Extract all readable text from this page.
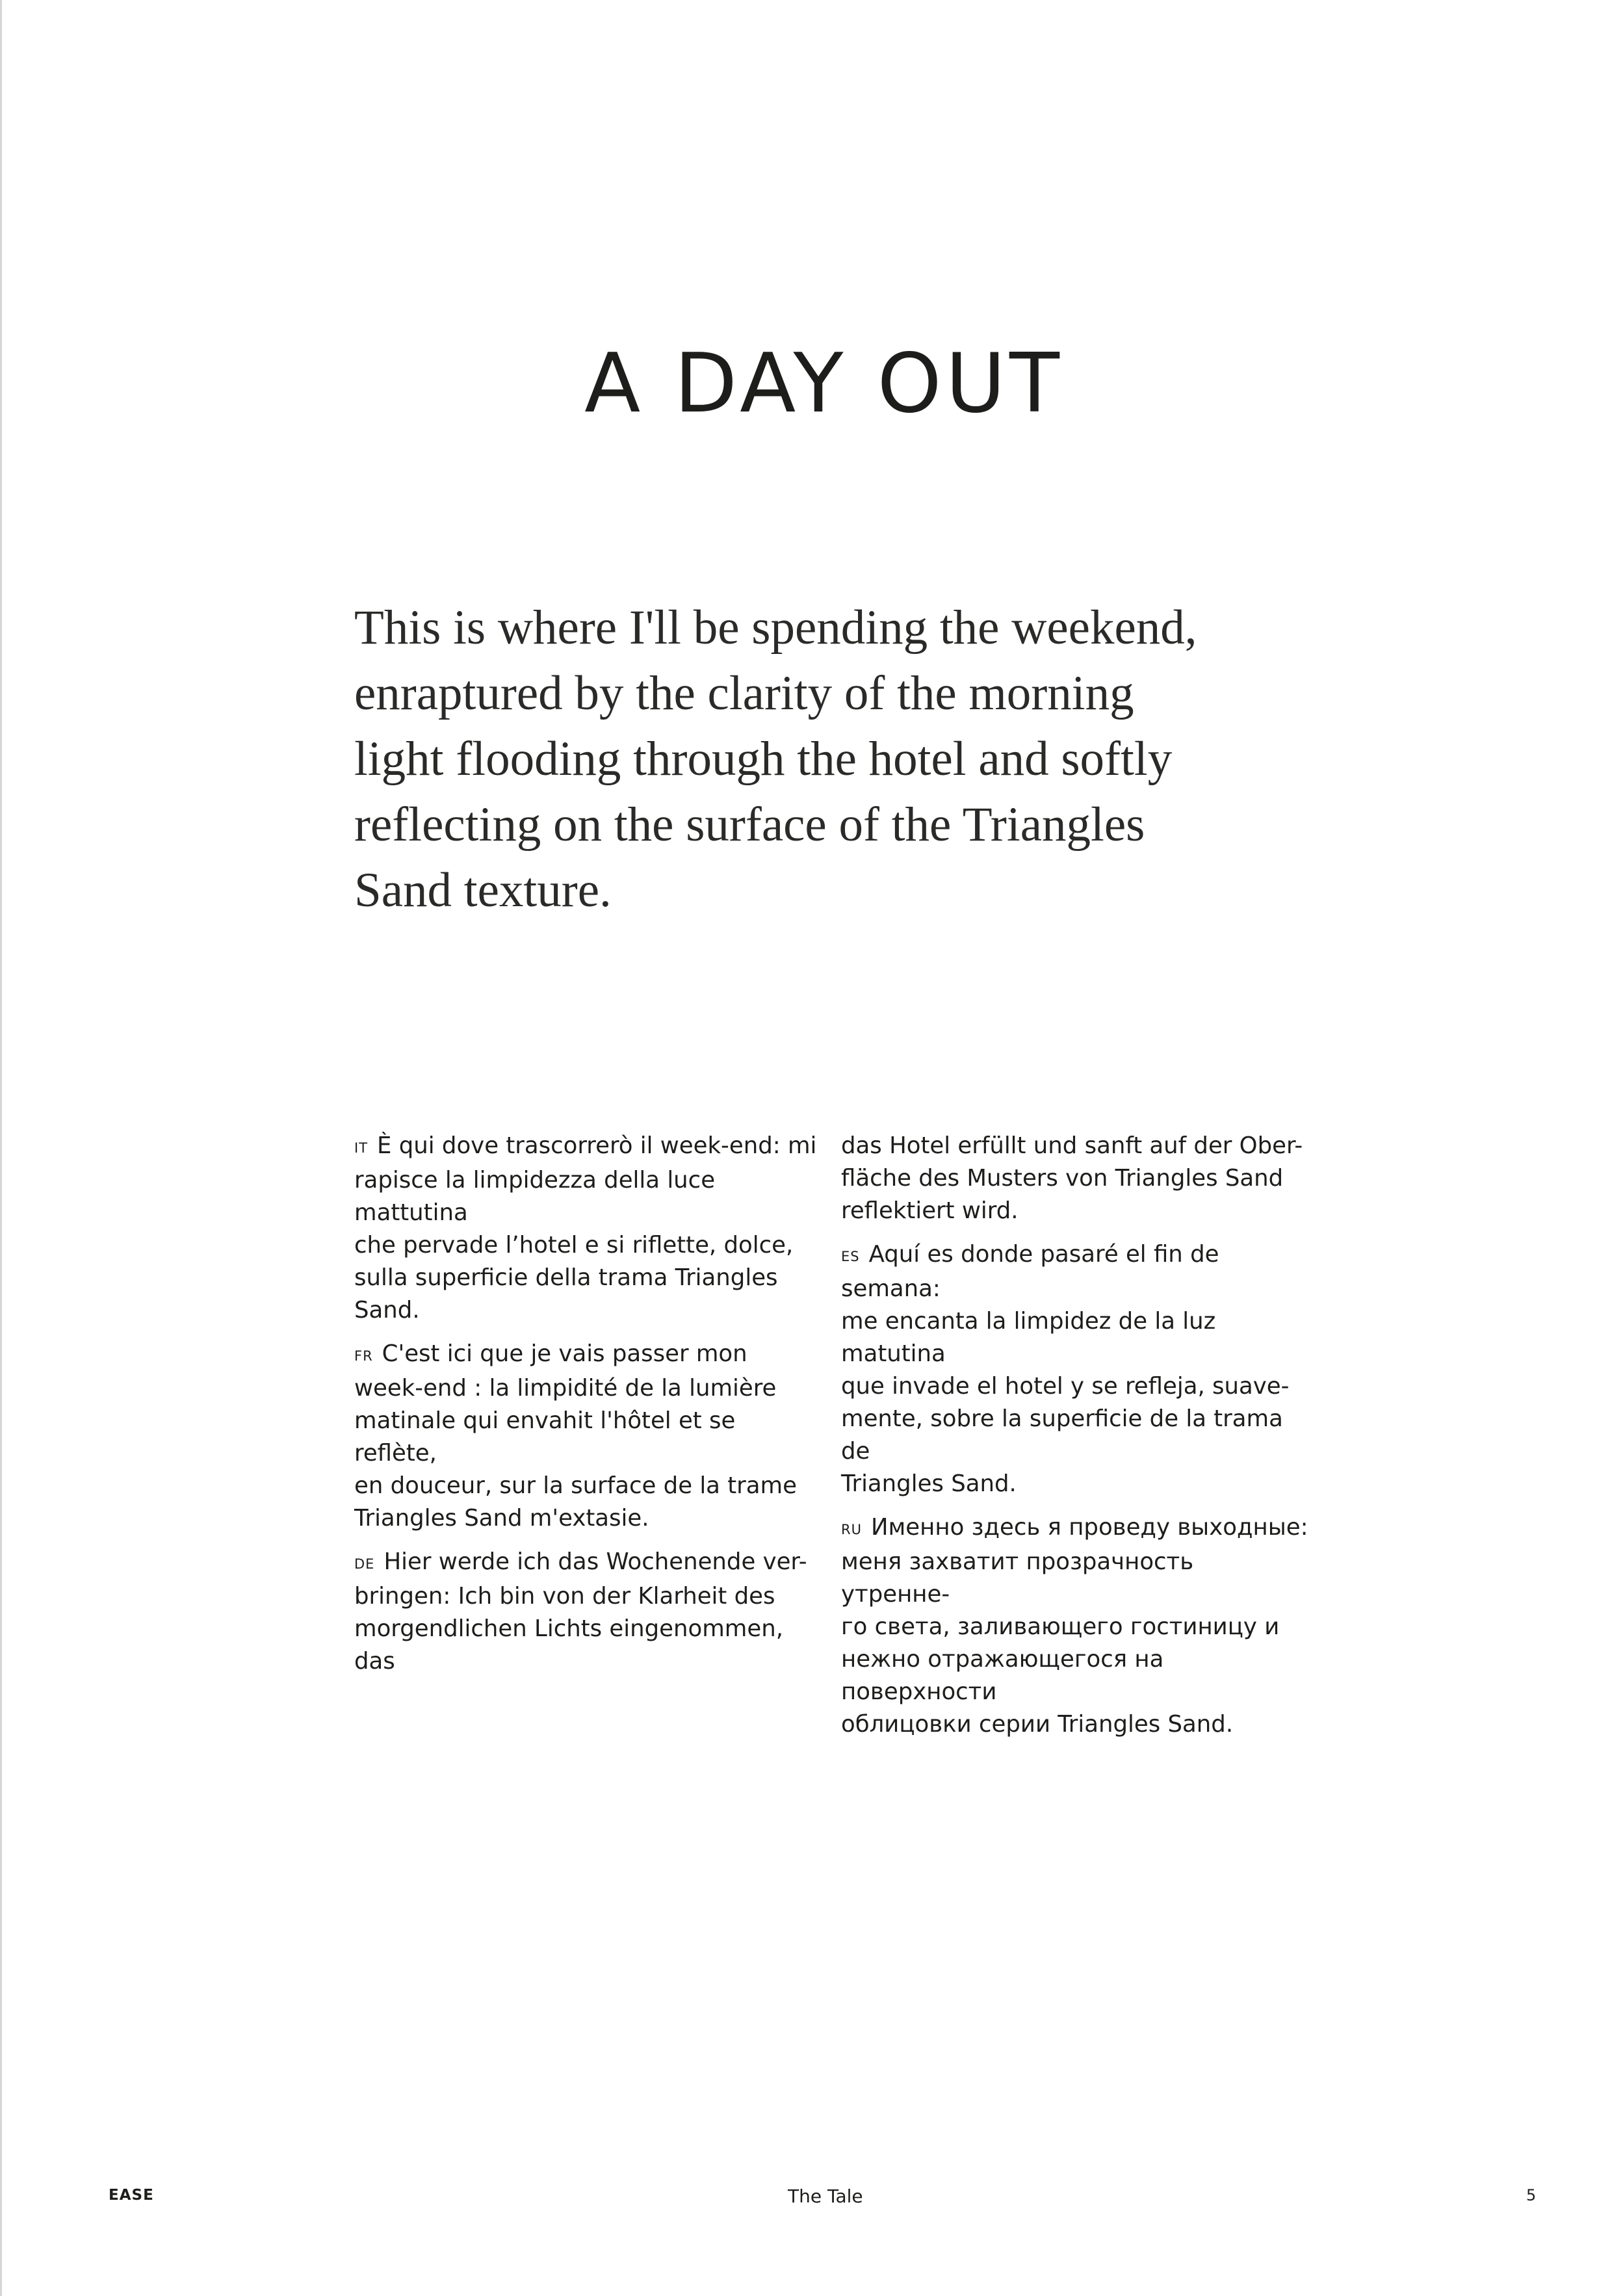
A DAY OUT

This is where I'll be spending the weekend,
enraptured by the clarity of the morning
light flooding through the hotel and softly
reflecting on the surface of the Triangles
Sand texture.

IT È qui dove trascorrerò il week-end: mi
rapisce la limpidezza della luce mattutina
che pervade l’hotel e si riflette, dolce,
sulla superficie della trama Triangles
Sand.

FR C'est ici que je vais passer mon
week-end : la limpidité de la lumière
matinale qui envahit l'hôtel et se reflète,
en douceur, sur la surface de la trame
Triangles Sand m'extasie.

DE Hier werde ich das Wochenende ver-
bringen: Ich bin von der Klarheit des
morgendlichen Lichts eingenommen, das

das Hotel erfüllt und sanft auf der Ober-
fläche des Musters von Triangles Sand
reflektiert wird.

ES Aquí es donde pasaré el fin de semana:
me encanta la limpidez de la luz matutina
que invade el hotel y se refleja, suave-
mente, sobre la superficie de la trama de
Triangles Sand.

RU Именно здесь я проведу выходные:
меня захватит прозрачность утренне-
го света, заливающего гостиницу и
нежно отражающегося на поверхности
облицовки серии Triangles Sand.

EASE	The Tale	5
